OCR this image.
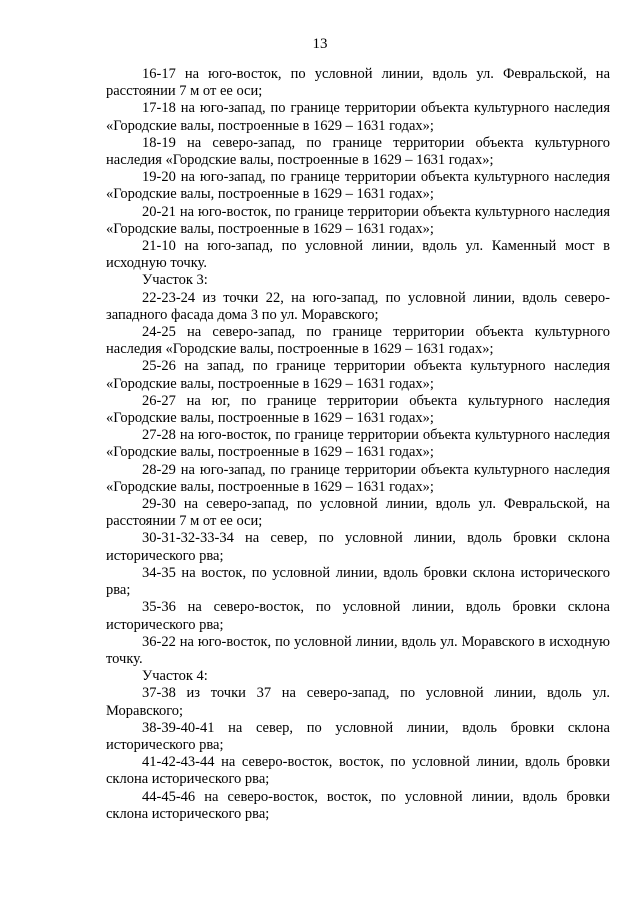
13

16-17 на юго-восток, по условной линии, вдоль ул. Февральской, на расстоянии 7 м от ее оси;

17-18 на юго-запад, по границе территории объекта культурного наследия «Городские валы, построенные в 1629 – 1631 годах»;

18-19 на северо-запад, по границе территории объекта культурного наследия «Городские валы, построенные в 1629 – 1631 годах»;

19-20 на юго-запад, по границе территории объекта культурного наследия «Городские валы, построенные в 1629 – 1631 годах»;

20-21 на юго-восток, по границе территории объекта культурного наследия «Городские валы, построенные в 1629 – 1631 годах»;

21-10 на юго-запад, по условной линии, вдоль ул. Каменный мост в исходную точку.

Участок 3:

22-23-24 из точки 22, на юго-запад, по условной линии, вдоль северо-западного фасада дома 3 по ул. Моравского;

24-25 на северо-запад, по границе территории объекта культурного наследия «Городские валы, построенные в 1629 – 1631 годах»;

25-26 на запад, по границе территории объекта культурного наследия «Городские валы, построенные в 1629 – 1631 годах»;

26-27 на юг, по границе территории объекта культурного наследия «Городские валы, построенные в 1629 – 1631 годах»;

27-28 на юго-восток, по границе территории объекта культурного наследия «Городские валы, построенные в 1629 – 1631 годах»;

28-29 на юго-запад, по границе территории объекта культурного наследия «Городские валы, построенные в 1629 – 1631 годах»;

29-30 на северо-запад, по условной линии, вдоль ул. Февральской, на расстоянии 7 м от ее оси;

30-31-32-33-34 на север, по условной линии, вдоль бровки склона исторического рва;

34-35 на восток, по условной линии, вдоль бровки склона исторического рва;

35-36 на северо-восток, по условной линии, вдоль бровки склона исторического рва;

36-22 на юго-восток, по условной линии, вдоль ул. Моравского в исходную точку.

Участок 4:

37-38 из точки 37 на северо-запад, по условной линии, вдоль ул. Моравского;

38-39-40-41 на север, по условной линии, вдоль бровки склона исторического рва;

41-42-43-44 на северо-восток, восток, по условной линии, вдоль бровки склона исторического рва;

44-45-46 на северо-восток, восток, по условной линии, вдоль бровки склона исторического рва;
